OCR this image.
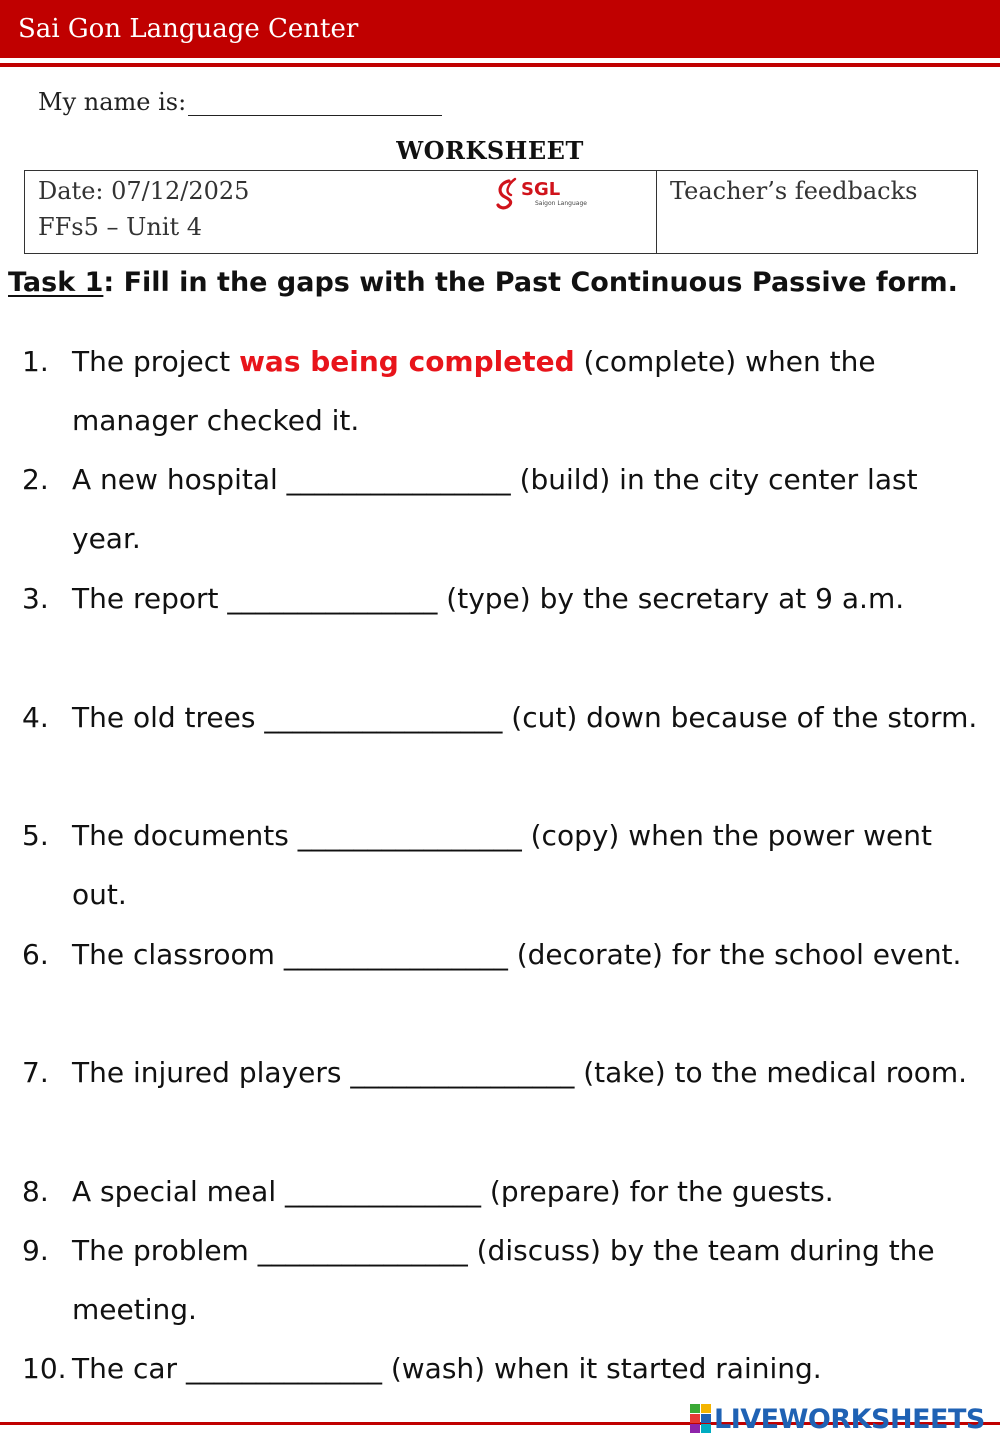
Sai Gon Language Center
My name is:
WORKSHEET
Date: 07/12/2025
FFs5 – Unit 4
SGL
Saigon Language	Teacher’s feedbacks
Task 1: Fill in the gaps with the Past Continuous Passive form.
1. The project was being completed (complete) when the manager checked it.
2. A new hospital ________________ (build) in the city center last year.
3. The report _______________ (type) by the secretary at 9 a.m.
4. The old trees _________________ (cut) down because of the storm.
5. The documents ________________ (copy) when the power went out.
6. The classroom ________________ (decorate) for the school event.
7. The injured players ________________ (take) to the medical room.
8. A special meal ______________ (prepare) for the guests.
9. The problem _______________ (discuss) by the team during the meeting.
10. The car ______________ (wash) when it started raining.
LIVEWORKSHEETS
